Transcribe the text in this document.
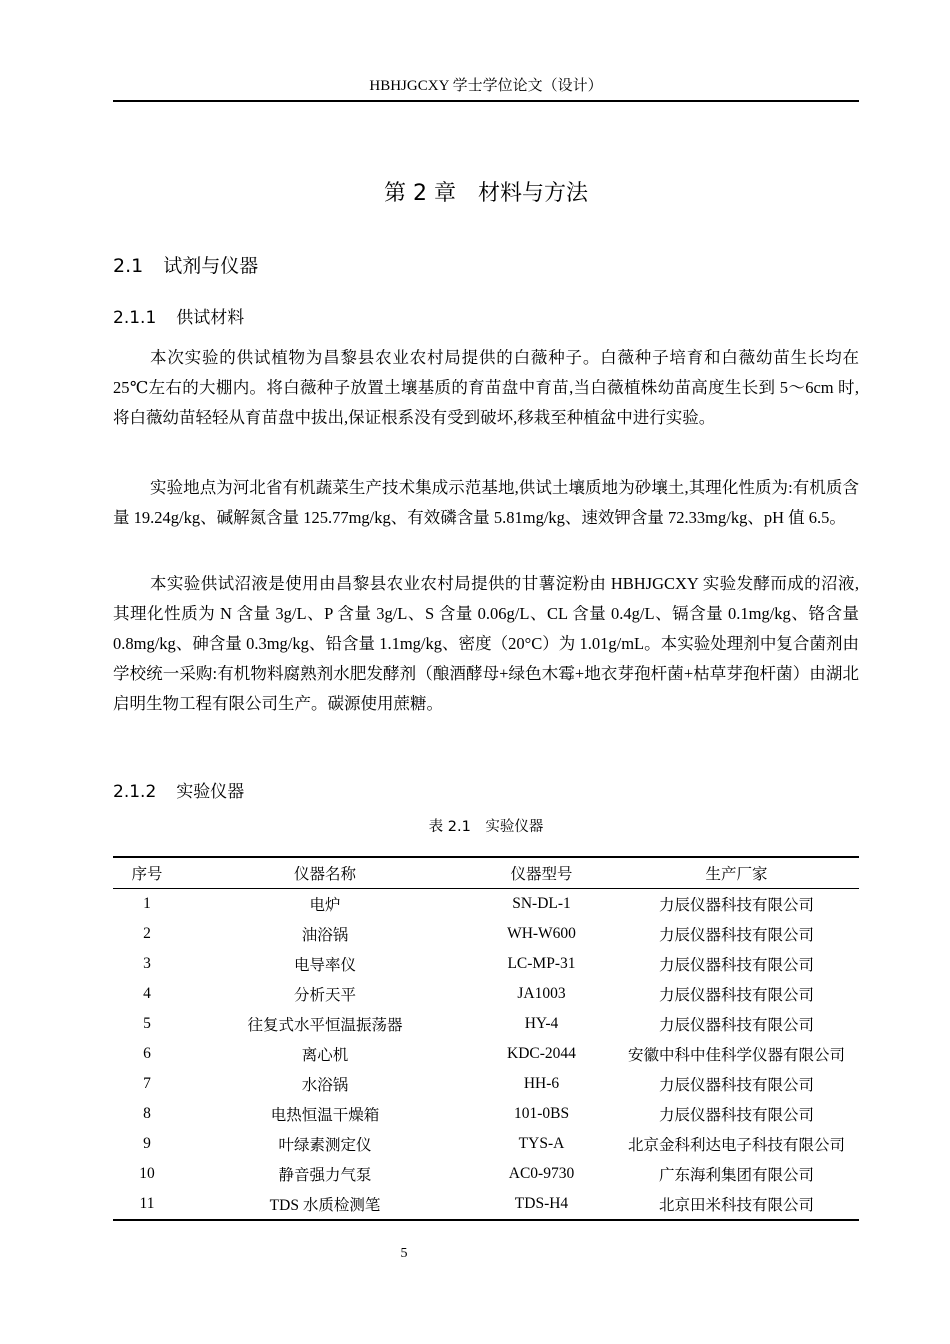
HBHJGCXY 学士学位论文（设计）
第 2 章　材料与方法
2.1 试剂与仪器
2.1.1 供试材料

本次实验的供试植物为昌黎县农业农村局提供的白薇种子。白薇种子培育和白薇幼苗生长均在 25℃左右的大棚内。将白薇种子放置土壤基质的育苗盘中育苗,当白薇植株幼苗高度生长到 5～6cm 时,将白薇幼苗轻轻从育苗盘中拔出,保证根系没有受到破坏,移栽至种植盆中进行实验。

实验地点为河北省有机蔬菜生产技术集成示范基地,供试土壤质地为砂壤土,其理化性质为:有机质含量 19.24g/kg、碱解氮含量 125.77mg/kg、有效磷含量 5.81mg/kg、速效钾含量 72.33mg/kg、pH 值 6.5。

本实验供试沼液是使用由昌黎县农业农村局提供的甘薯淀粉由 HBHJGCXY 实验发酵而成的沼液,其理化性质为 N 含量 3g/L、P 含量 3g/L、S 含量 0.06g/L、CL 含量 0.4g/L、镉含量 0.1mg/kg、铬含量 0.8mg/kg、砷含量 0.3mg/kg、铅含量 1.1mg/kg、密度（20°C）为 1.01g/mL。本实验处理剂中复合菌剂由学校统一采购:有机物料腐熟剂水肥发酵剂（酿酒酵母+绿色木霉+地衣芽孢杆菌+枯草芽孢杆菌）由湖北启明生物工程有限公司生产。碳源使用蔗糖。

2.1.2 实验仪器
表 2.1　实验仪器
序号	仪器名称	仪器型号	生产厂家
1	电炉	SN-DL-1	力辰仪器科技有限公司
2	油浴锅	WH-W600	力辰仪器科技有限公司
3	电导率仪	LC-MP-31	力辰仪器科技有限公司
4	分析天平	JA1003	力辰仪器科技有限公司
5	往复式水平恒温振荡器	HY-4	力辰仪器科技有限公司
6	离心机	KDC-2044	安徽中科中佳科学仪器有限公司
7	水浴锅	HH-6	力辰仪器科技有限公司
8	电热恒温干燥箱	101-0BS	力辰仪器科技有限公司
9	叶绿素测定仪	TYS-A	北京金科利达电子科技有限公司
10	静音强力气泵	AC0-9730	广东海利集团有限公司
11	TDS 水质检测笔	TDS-H4	北京田米科技有限公司
5
